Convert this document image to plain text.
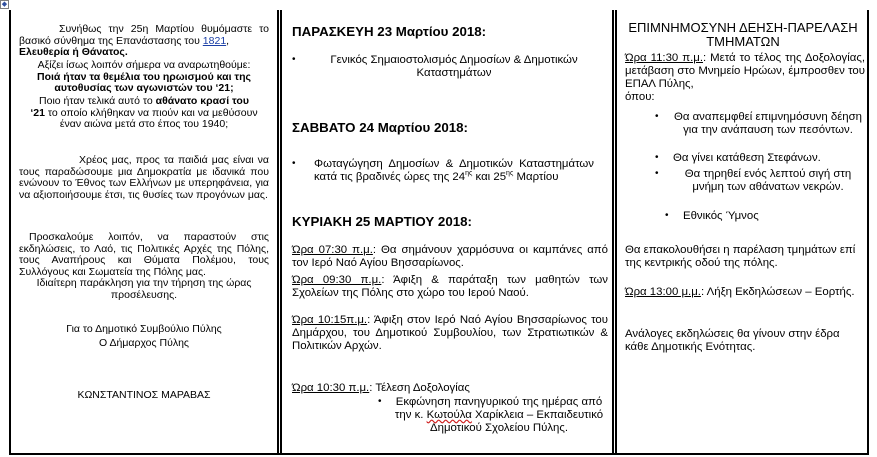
◆

Συνήθως την 25η Μαρτίου θυμόμαστε το βασικό σύνθημα της Επανάστασης του 1821,
Ελευθερία ή Θάνατος.

Αξίζει ίσως λοιπόν σήμερα να αναρωτηθούμε:
Ποιά ήταν τα θεμέλια του ηρωισμού και της αυτοθυσίας των αγωνιστών του ‘21;

Ποιο ήταν τελικά αυτό το αθάνατο κρασί του
‘21 το οποίο κλήθηκαν να πιούν και να μεθύσουν έναν αιώνα μετά στο έπος του 1940;

Χρέος μας, προς τα παιδιά μας είναι να τους παραδώσουμε μια Δημοκρατία με ιδανικά που ενώνουν το Έθνος των Ελλήνων με υπερηφάνεια, για να αξιοποιήσουμε έτσι, τις θυσίες των προγόνων μας.

Προσκαλούμε λοιπόν, να παραστούν στις εκδηλώσεις, το Λαό, τις Πολιτικές Αρχές της Πόλης, τους Αναπήρους και Θύματα Πολέμου, τους Συλλόγους και Σωματεία της Πόλης μας.

Ιδιαίτερη παράκληση για την τήρηση της ώρας προσέλευσης.

Για το Δημοτικό Συμβούλιο Πύλης

Ο Δήμαρχος Πύλης

ΚΩΝΣΤΑΝΤΙΝΟΣ ΜΑΡΑΒΑΣ

ΠΑΡΑΣΚΕΥΗ 23 Μαρτίου 2018:
•	Γενικός Σημαιοστολισμός Δημοσίων & Δημοτικών Καταστημάτων

ΣΑΒΒΑΤΟ 24 Μαρτίου 2018:
• Φωταγώγηση Δημοσίων & Δημοτικών Καταστημάτων κατά τις βραδινές ώρες της $24^{\eta\varsigma}$ και $25^{\eta\varsigma}$ Μαρτίου

ΚΥΡΙΑΚΗ 25 ΜΑΡΤΙΟΥ 2018:

Ώρα 07:30 π.μ.: Θα σημάνουν χαρμόσυνα οι καμπάνες από τον Ιερό Ναό Αγίου Βησσαρίωνος.

Ώρα 09:30 π.μ.: Άφιξη & παράταξη των μαθητών των Σχολείων της Πόλης στο χώρο του Ιερού Ναού.

Ώρα 10:15π.μ.: Άφιξη στον Ιερό Ναό Αγίου Βησσαρίωνος του Δημάρχου, του Δημοτικού Συμβουλίου, των Στρατιωτικών & Πολιτικών Αρχών.

Ώρα 10:30 π.μ.: Τέλεση Δοξολογίας

• Εκφώνηση πανηγυρικού της ημέρας από την κ. Κωτούλα Χαρίκλεια – Εκπαιδευτικό Δημοτικού Σχολείου Πύλης.

ΕΠΙΜΝΗΜΟΣΥΝΗ ΔΕΗΣΗ-ΠΑΡΕΛΑΣΗ ΤΜΗΜΑΤΩΝ

Ώρα 11:30 π.μ.: Μετά το τέλος της Δοξολογίας, μετάβαση στο Μνημείο Ηρώων, έμπροσθεν του ΕΠΑΛ Πύλης,

όπου:

• Θα αναπεμφθεί επιμνημόσυνη δέηση για την ανάπαυση των πεσόντων.

• Θα γίνει κατάθεση Στεφάνων.

•	Θα τηρηθεί ενός λεπτού σιγή στη μνήμη των αθάνατων νεκρών.

• Εθνικός Ύμνος

Θα επακολουθήσει η παρέλαση τμημάτων επί της κεντρικής οδού της πόλης.

Ώρα 13:00 μ.μ.: Λήξη Εκδηλώσεων – Εορτής.

Ανάλογες εκδηλώσεις θα γίνουν στην έδρα κάθε Δημοτικής Ενότητας.
